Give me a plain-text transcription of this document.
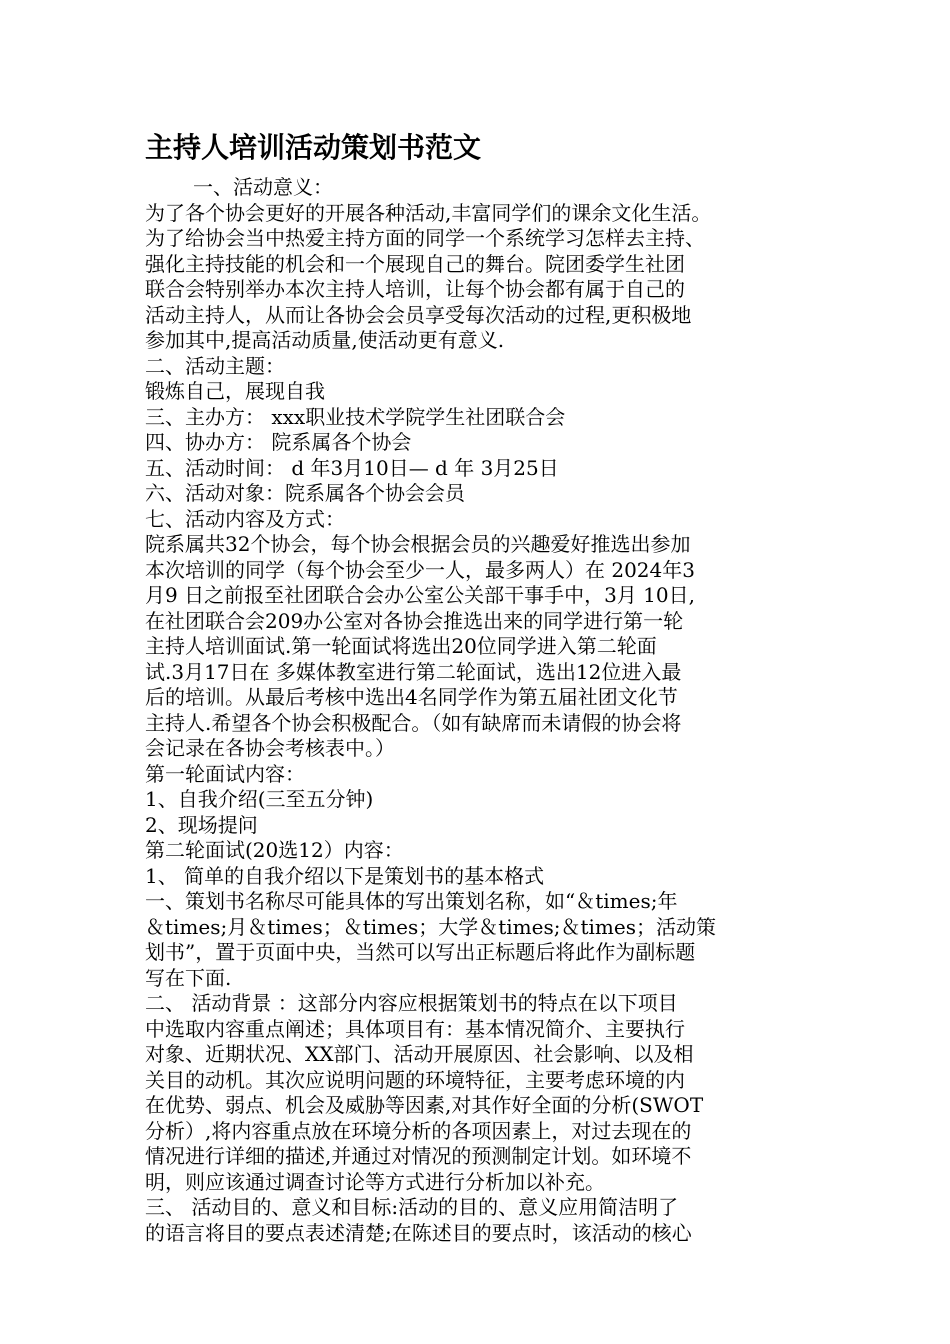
主持人培训活动策划书范文
一、活动意义：
为了各个协会更好的开展各种活动,丰富同学们的课余文化生活。
为了给协会当中热爱主持方面的同学一个系统学习怎样去主持、
强化主持技能的机会和一个展现自己的舞台。院团委学生社团
联合会特别举办本次主持人培训，让每个协会都有属于自己的
活动主持人，从而让各协会会员享受每次活动的过程,更积极地
参加其中,提高活动质量,使活动更有意义.
二、活动主题：
锻炼自己，展现自我
三、主办方： xxx职业技术学院学生社团联合会
四、协办方： 院系属各个协会
五、活动时间： d 年3月10日— d 年 3月25日
六、活动对象：院系属各个协会会员
七、活动内容及方式：
院系属共32个协会，每个协会根据会员的兴趣爱好推选出参加
本次培训的同学（每个协会至少一人，最多两人）在 2024年3
月9 日之前报至社团联合会办公室公关部干事手中，3月 10日,
在社团联合会209办公室对各协会推选出来的同学进行第一轮
主持人培训面试.第一轮面试将选出20位同学进入第二轮面
试.3月17日在 多媒体教室进行第二轮面试，选出12位进入最
后的培训。从最后考核中选出4名同学作为第五届社团文化节
主持人.希望各个协会积极配合。（如有缺席而未请假的协会将
会记录在各协会考核表中。）
第一轮面试内容：
1、自我介绍(三至五分钟)
2、现场提问
第二轮面试(20选12）内容：
1、 简单的自我介绍以下是策划书的基本格式
一、策划书名称尽可能具体的写出策划名称，如“＆times;年
＆times;月＆times；＆times；大学＆times;＆times；活动策
划书”，置于页面中央，当然可以写出正标题后将此作为副标题
写在下面.
二、 活动背景 ：这部分内容应根据策划书的特点在以下项目
中选取内容重点阐述；具体项目有：基本情况简介、主要执行
对象、近期状况、XX部门、活动开展原因、社会影响、以及相
关目的动机。其次应说明问题的环境特征，主要考虑环境的内
在优势、弱点、机会及威胁等因素,对其作好全面的分析(SWOT
分析）,将内容重点放在环境分析的各项因素上，对过去现在的
情况进行详细的描述,并通过对情况的预测制定计划。如环境不
明，则应该通过调查讨论等方式进行分析加以补充。
三、 活动目的、意义和目标:活动的目的、意义应用简洁明了
的语言将目的要点表述清楚;在陈述目的要点时，该活动的核心
